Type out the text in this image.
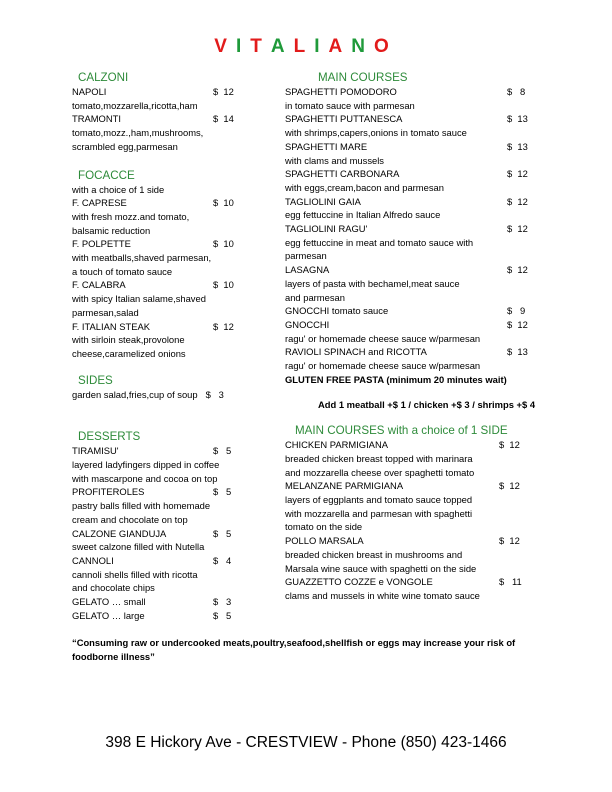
VITALIANO
CALZONI
NAPOLI	$  12
tomato,mozzarella,ricotta,ham
TRAMONTI	$  14
tomato,mozz.,ham,mushrooms,
scrambled egg,parmesan
FOCACCE
with a choice of 1 side
F. CAPRESE	$  10
with fresh mozz.and tomato,
balsamic reduction
F. POLPETTE	$  10
with meatballs,shaved parmesan,
a touch of tomato sauce
F. CALABRA	$  10
with spicy Italian salame,shaved
parmesan,salad
F. ITALIAN STEAK	$  12
with sirloin steak,provolone
cheese,caramelized onions
SIDES
garden salad,fries,cup of soup $   3
DESSERTS
TIRAMISU'	$   5
layered ladyfingers dipped in coffee
with mascarpone and cocoa on top
PROFITEROLES	$   5
pastry balls filled with homemade
cream and chocolate on top
CALZONE GIANDUJA	$   5
sweet calzone filled with Nutella
CANNOLI	$   4
cannoli shells filled with ricotta
and chocolate chips
GELATO … small	$   3
GELATO … large	$   5
MAIN COURSES
SPAGHETTI POMODORO	$   8
in tomato sauce with parmesan
SPAGHETTI PUTTANESCA	$  13
with shrimps,capers,onions in tomato sauce
SPAGHETTI MARE	$  13
with clams and mussels
SPAGHETTI CARBONARA	$  12
with eggs,cream,bacon and parmesan
TAGLIOLINI GAIA	$  12
egg fettuccine in Italian Alfredo sauce
TAGLIOLINI RAGU'	$  12
egg fettuccine in meat and tomato sauce with
parmesan
LASAGNA	$  12
layers of pasta with bechamel,meat sauce
and parmesan
GNOCCHI tomato sauce	$   9
GNOCCHI	$  12
ragu' or homemade cheese sauce w/parmesan
RAVIOLI SPINACH and RICOTTA	$  13
ragu' or homemade cheese sauce w/parmesan
GLUTEN FREE PASTA (minimum 20 minutes wait)
Add 1 meatball +$ 1 / chicken +$ 3 / shrimps +$ 4
MAIN COURSES with a choice of 1 SIDE
CHICKEN PARMIGIANA	$  12
breaded chicken breast topped with marinara
and mozzarella cheese over spaghetti tomato
MELANZANE PARMIGIANA	$  12
layers of eggplants and tomato sauce topped
with mozzarella and parmesan with spaghetti
tomato on the side
POLLO MARSALA	$  12
breaded chicken breast in mushrooms and
Marsala wine sauce with spaghetti on the side
GUAZZETTO COZZE e VONGOLE	$   11
clams and mussels in white wine tomato sauce
“Consuming raw or undercooked meats,poultry,seafood,shellfish or eggs may increase your risk of foodborne illness”
398 E Hickory Ave - CRESTVIEW - Phone (850) 423-1466
